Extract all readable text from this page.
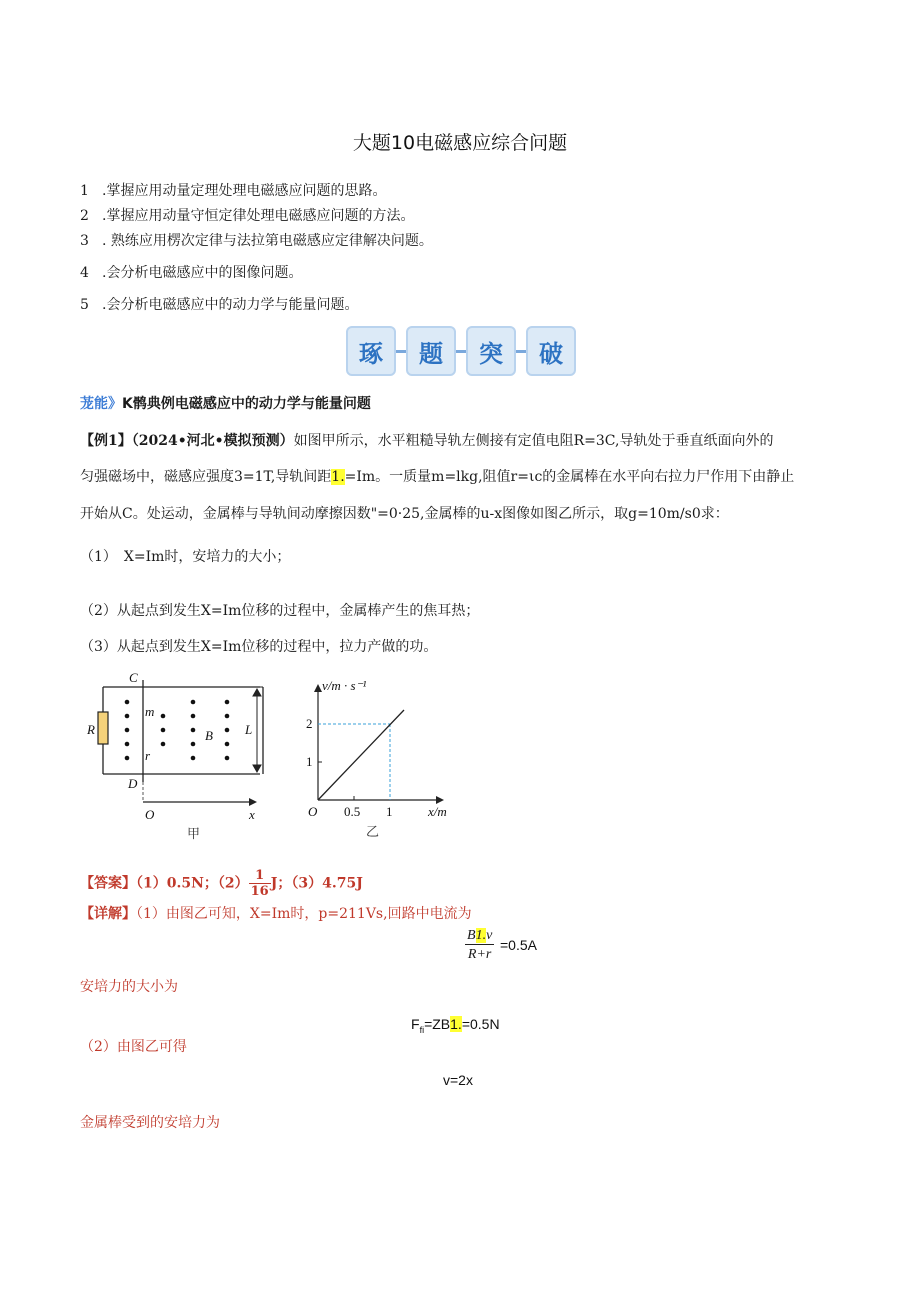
大题10电磁感应综合问题
1 .掌握应用动量定理处理电磁感应问题的思路。
2 .掌握应用动量守恒定律处理电磁感应问题的方法。
3 . 熟练应用楞次定律与法拉第电磁感应定律解决问题。
4 .会分析电磁感应中的图像问题。
5 .会分析电磁感应中的动力学与能量问题。
琢	题	突	破
茏能》K鹘典例电磁感应中的动力学与能量问题
【例1】（2024•河北•模拟预测）如图甲所示，水平粗糙导轨左侧接有定值电阻R=3C,导轨处于垂直纸面向外的
匀强磁场中，磁感应强度3=1T,导轨间距1.=Im。一质量m=lkg,阻值r=ιc的金属棒在水平向右拉力尸作用下由静止
开始从C。处运动，金属棒与导轨间动摩擦因数"=0·25,金属棒的u-x图像如图乙所示，取g=10m∕s0求：
（1）　X=Im时，安培力的大小；
（2）从起点到发生X=Im位移的过程中，金属棒产生的焦耳热；
（3）从起点到发生X=Im位移的过程中，拉力产做的功。
C
D
R
m
r
B L
O	x
甲
v/m · s⁻¹
1
2
0.5 1
O	x/m
乙
【答案】（1）0.5N；$(2) \frac{1}{16}$ J；（3）4.75J
【详解】（1）由图乙可知，X=Im时，p=211Vs,回路中电流为
B1.v
R+r
=0.5A
安培力的大小为
$F_{fi}=ZB1.=0.5N$
（2）由图乙可得
v=2x
金属棒受到的安培力为
